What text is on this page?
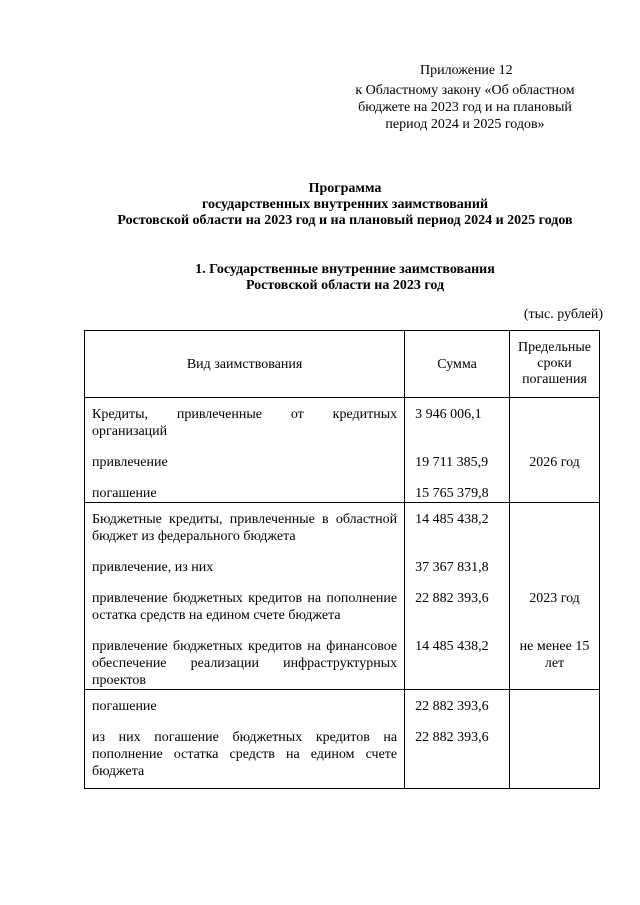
Приложение 12
к Областному закону «Об областном
бюджете на 2023 год и на плановый
период 2024 и 2025 годов»
Программа
государственных внутренних заимствований
Ростовской области на 2023 год и на плановый период 2024 и 2025 годов
1. Государственные внутренние заимствования
Ростовской области на 2023 год
(тыс. рублей)
Вид заимствования	Сумма	Предельные сроки погашения
Кредиты, привлеченные от кредитных организаций	3 946 006,1	
привлечение	19 711 385,9	2026 год
погашение	15 765 379,8	
Бюджетные кредиты, привлеченные в областной бюджет из федерального бюджета	14 485 438,2	
привлечение, из них	37 367 831,8	
привлечение бюджетных кредитов на пополнение остатка средств на едином счете бюджета	22 882 393,6	2023 год
привлечение бюджетных кредитов на финансовое обеспечение реализации инфраструктурных проектов	14 485 438,2	не менее 15 лет
погашение	22 882 393,6	
из них погашение бюджетных кредитов на пополнение остатка средств на едином счете бюджета	22 882 393,6	
